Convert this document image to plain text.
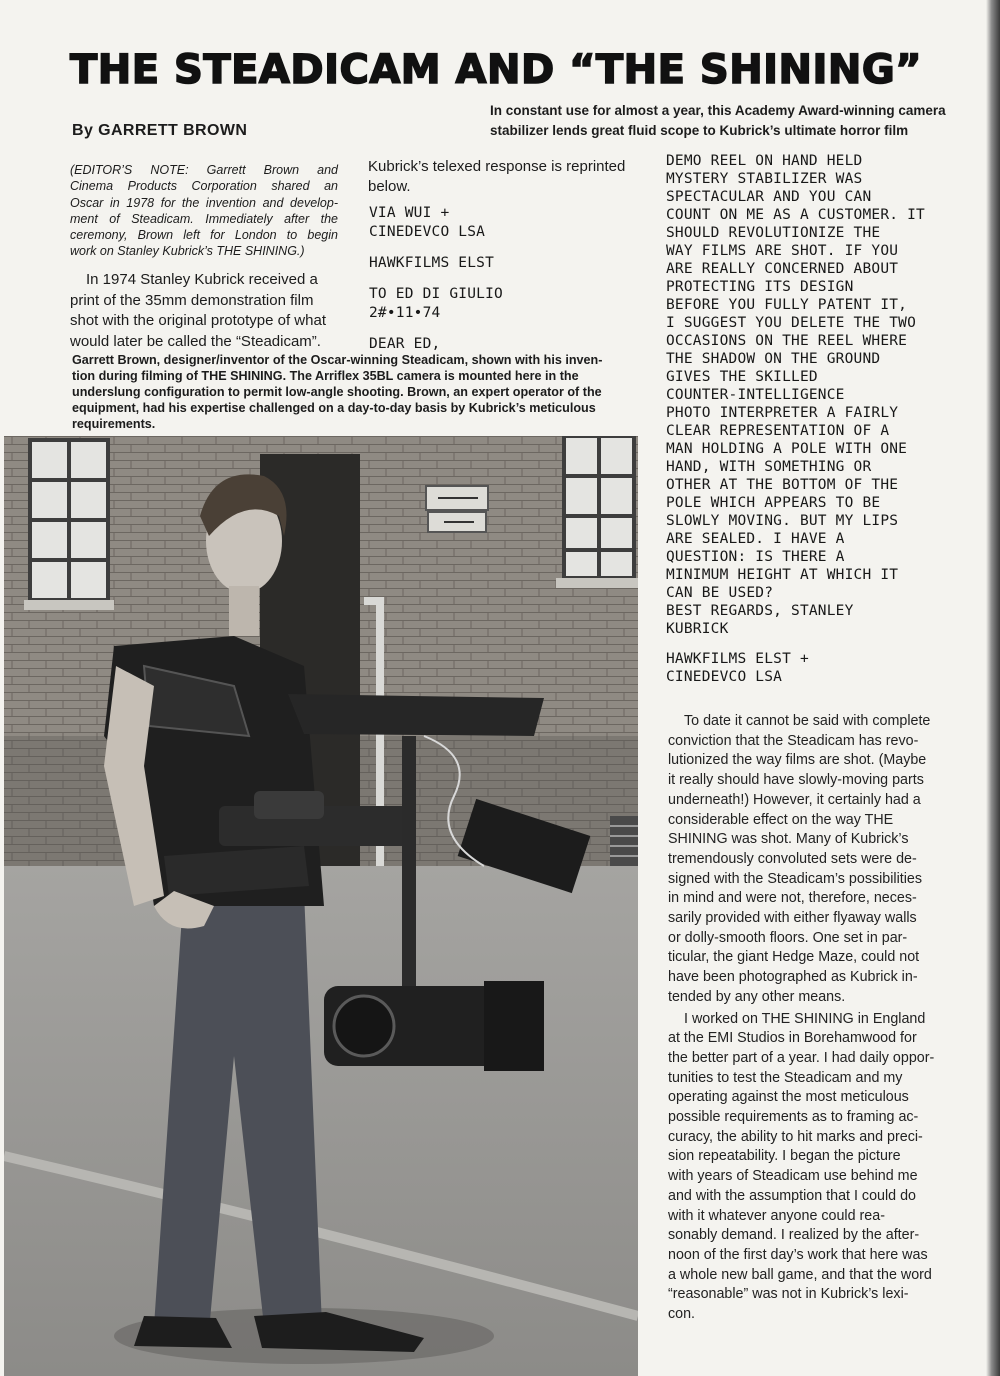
THE STEADICAM AND “THE SHINING”

By GARRETT BROWN

In constant use for almost a year, this Academy Award-winning camera
stabilizer lends great fluid scope to Kubrick’s ultimate horror film

(EDITOR’S NOTE: Garrett Brown and
Cinema Products Corporation shared an
Oscar in 1978 for the invention and develop-
ment of Steadicam. Immediately after the
ceremony, Brown left for London to begin
work on Stanley Kubrick’s THE SHINING.)

In 1974 Stanley Kubrick received a
print of the 35mm demonstration film
shot with the original prototype of what
would later be called the “Steadicam”.

Kubrick’s telexed response is reprinted
below.

VIA WUI +
CINEDEVCO LSA
HAWKFILMS ELST
TO ED DI GIULIO
2#•11•74
DEAR ED,
DEMO REEL ON HAND HELD
MYSTERY STABILIZER WAS
SPECTACULAR AND YOU CAN
COUNT ON ME AS A CUSTOMER. IT
SHOULD REVOLUTIONIZE THE
WAY FILMS ARE SHOT. IF YOU
ARE REALLY CONCERNED ABOUT
PROTECTING ITS DESIGN
BEFORE YOU FULLY PATENT IT,
I SUGGEST YOU DELETE THE TWO
OCCASIONS ON THE REEL WHERE
THE SHADOW ON THE GROUND
GIVES THE SKILLED
COUNTER-INTELLIGENCE
PHOTO INTERPRETER A FAIRLY
CLEAR REPRESENTATION OF A
MAN HOLDING A POLE WITH ONE
HAND, WITH SOMETHING OR
OTHER AT THE BOTTOM OF THE
POLE WHICH APPEARS TO BE
SLOWLY MOVING. BUT MY LIPS
ARE SEALED. I HAVE A
QUESTION: IS THERE A
MINIMUM HEIGHT AT WHICH IT
CAN BE USED?
BEST REGARDS, STANLEY
KUBRICK
HAWKFILMS ELST +
CINEDEVCO LSA

Garrett Brown, designer/inventor of the Oscar-winning Steadicam, shown with his inven-
tion during filming of THE SHINING. The Arriflex 35BL camera is mounted here in the
underslung configuration to permit low-angle shooting. Brown, an expert operator of the
equipment, had his expertise challenged on a day-to-day basis by Kubrick’s meticulous
requirements.

To date it cannot be said with complete
conviction that the Steadicam has revo-
lutionized the way films are shot. (Maybe
it really should have slowly-moving parts
underneath!) However, it certainly had a
considerable effect on the way THE
SHINING was shot. Many of Kubrick’s
tremendously convoluted sets were de-
signed with the Steadicam’s possibilities
in mind and were not, therefore, neces-
sarily provided with either flyaway walls
or dolly-smooth floors. One set in par-
ticular, the giant Hedge Maze, could not
have been photographed as Kubrick in-
tended by any other means.
I worked on THE SHINING in England
at the EMI Studios in Borehamwood for
the better part of a year. I had daily oppor-
tunities to test the Steadicam and my
operating against the most meticulous
possible requirements as to framing ac-
curacy, the ability to hit marks and preci-
sion repeatability. I began the picture
with years of Steadicam use behind me
and with the assumption that I could do
with it whatever anyone could rea-
sonably demand. I realized by the after-
noon of the first day’s work that here was
a whole new ball game, and that the word
“reasonable” was not in Kubrick’s lexi-
con.
